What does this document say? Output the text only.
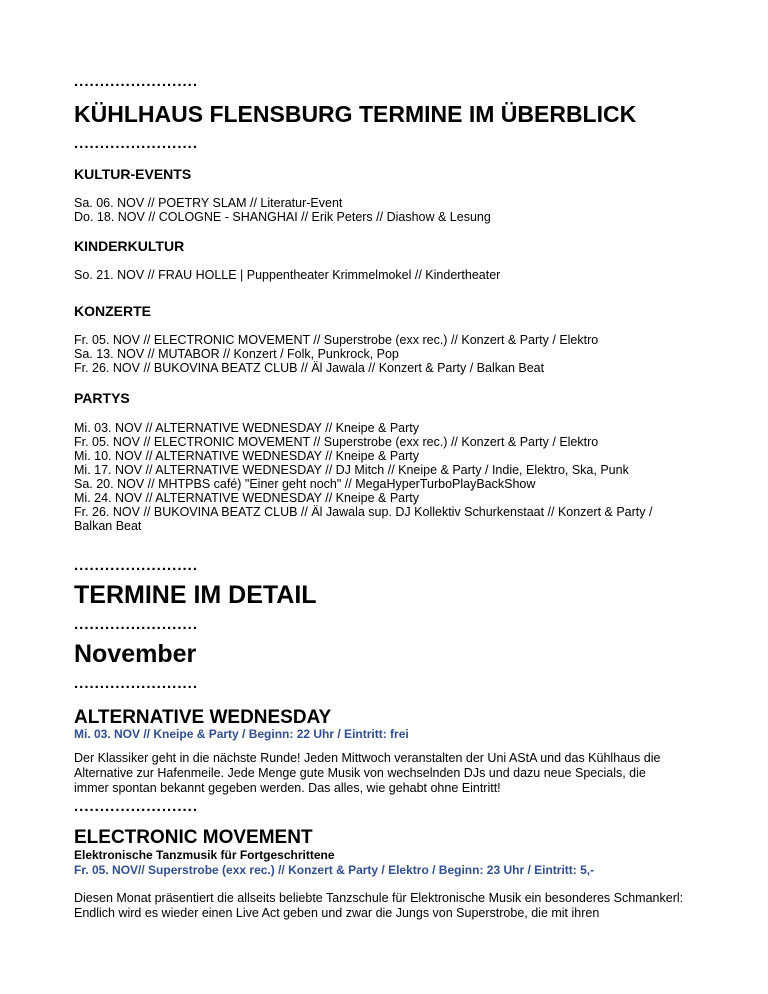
........................
KÜHLHAUS FLENSBURG TERMINE IM ÜBERBLICK
........................
KULTUR-EVENTS
Sa. 06. NOV // POETRY SLAM // Literatur-Event
Do. 18. NOV // COLOGNE - SHANGHAI // Erik Peters // Diashow & Lesung
KINDERKULTUR
So. 21. NOV // FRAU HOLLE | Puppentheater Krimmelmokel // Kindertheater
KONZERTE
Fr. 05. NOV // ELECTRONIC MOVEMENT // Superstrobe (exx rec.) // Konzert & Party / Elektro
Sa. 13. NOV // MUTABOR // Konzert / Folk, Punkrock, Pop
Fr. 26. NOV // BUKOVINA BEATZ CLUB // Äl Jawala // Konzert & Party / Balkan Beat
PARTYS
Mi. 03. NOV // ALTERNATIVE WEDNESDAY // Kneipe & Party
Fr. 05. NOV // ELECTRONIC MOVEMENT // Superstrobe (exx rec.) // Konzert & Party / Elektro
Mi. 10. NOV // ALTERNATIVE WEDNESDAY // Kneipe & Party
Mi. 17. NOV // ALTERNATIVE WEDNESDAY // DJ Mitch // Kneipe & Party / Indie, Elektro, Ska, Punk
Sa. 20. NOV // MHTPBS café) "Einer geht noch" // MegaHyperTurboPlayBackShow
Mi. 24. NOV // ALTERNATIVE WEDNESDAY // Kneipe & Party
Fr. 26. NOV // BUKOVINA BEATZ CLUB // Äl Jawala sup. DJ Kollektiv Schurkenstaat // Konzert & Party / Balkan Beat
........................
TERMINE IM DETAIL
........................
November
........................
ALTERNATIVE WEDNESDAY
Mi. 03. NOV // Kneipe & Party / Beginn: 22 Uhr / Eintritt: frei
Der Klassiker geht in die nächste Runde! Jeden Mittwoch veranstalten der Uni AStA und das Kühlhaus die Alternative zur Hafenmeile. Jede Menge gute Musik von wechselnden DJs und dazu neue Specials, die immer spontan bekannt gegeben werden. Das alles, wie gehabt ohne Eintritt!
........................
ELECTRONIC MOVEMENT
Elektronische Tanzmusik für Fortgeschrittene
Fr. 05. NOV// Superstrobe (exx rec.) // Konzert & Party / Elektro / Beginn: 23 Uhr / Eintritt: 5,-
Diesen Monat präsentiert die allseits beliebte Tanzschule für Elektronische Musik ein besonderes Schmankerl: Endlich wird es wieder einen Live Act geben und zwar die Jungs von Superstrobe, die mit ihren
